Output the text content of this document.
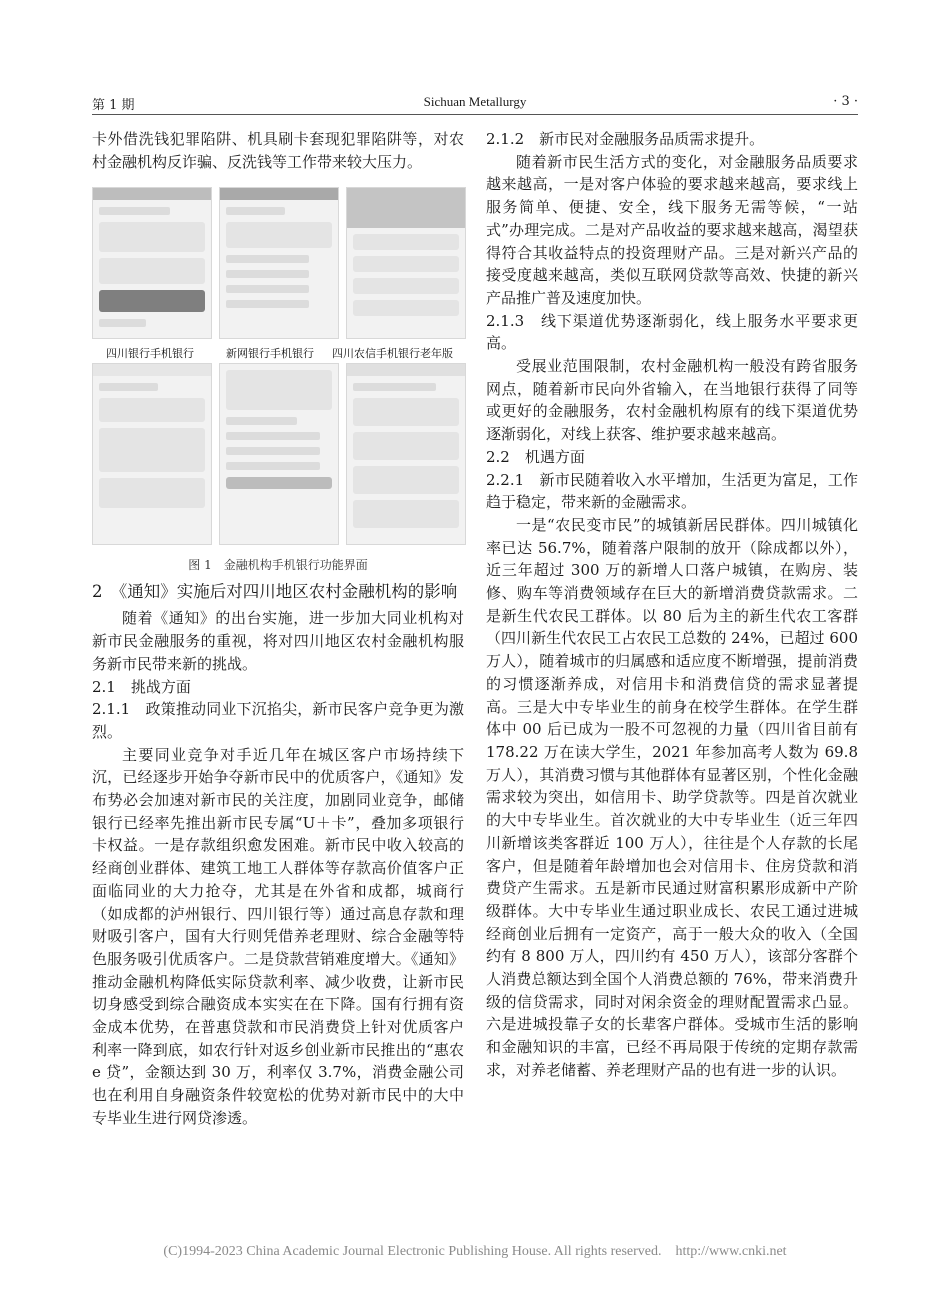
第 1 期	Sichuan Metallurgy	· 3 ·

卡外借洗钱犯罪陷阱、机具刷卡套现犯罪陷阱等，对农村金融机构反诈骗、反洗钱等工作带来较大压力。

四川银行手机银行	新网银行手机银行 四川农信手机银行老年版

图 1　金融机构手机银行功能界面

2　《通知》实施后对四川地区农村金融机构的影响

随着《通知》的出台实施，进一步加大同业机构对新市民金融服务的重视，将对四川地区农村金融机构服务新市民带来新的挑战。

2.1　挑战方面

2.1.1　政策推动同业下沉掐尖，新市民客户竞争更为激烈。

主要同业竞争对手近几年在城区客户市场持续下沉，已经逐步开始争夺新市民中的优质客户，《通知》发布势必会加速对新市民的关注度，加剧同业竞争，邮储银行已经率先推出新市民专属“U＋卡”，叠加多项银行卡权益。一是存款组织愈发困难。新市民中收入较高的经商创业群体、建筑工地工人群体等存款高价值客户正面临同业的大力抢夺，尤其是在外省和成都，城商行（如成都的泸州银行、四川银行等）通过高息存款和理财吸引客户，国有大行则凭借养老理财、综合金融等特色服务吸引优质客户。二是贷款营销难度增大。《通知》推动金融机构降低实际贷款利率、减少收费，让新市民切身感受到综合融资成本实实在在下降。国有行拥有资金成本优势，在普惠贷款和市民消费贷上针对优质客户利率一降到底，如农行针对返乡创业新市民推出的“惠农 e 贷”，金额达到 30 万，利率仅 3.7%，消费金融公司也在利用自身融资条件较宽松的优势对新市民中的大中专毕业生进行网贷渗透。

2.1.2　新市民对金融服务品质需求提升。

随着新市民生活方式的变化，对金融服务品质要求越来越高，一是对客户体验的要求越来越高，要求线上服务简单、便捷、安全，线下服务无需等候，“一站式”办理完成。二是对产品收益的要求越来越高，渴望获得符合其收益特点的投资理财产品。三是对新兴产品的接受度越来越高，类似互联网贷款等高效、快捷的新兴产品推广普及速度加快。

2.1.3　线下渠道优势逐渐弱化，线上服务水平要求更高。

受展业范围限制，农村金融机构一般没有跨省服务网点，随着新市民向外省输入，在当地银行获得了同等或更好的金融服务，农村金融机构原有的线下渠道优势逐渐弱化，对线上获客、维护要求越来越高。

2.2　机遇方面

2.2.1　新市民随着收入水平增加，生活更为富足，工作趋于稳定，带来新的金融需求。

一是“农民变市民”的城镇新居民群体。四川城镇化率已达 56.7%，随着落户限制的放开（除成都以外），近三年超过 300 万的新增人口落户城镇，在购房、装修、购车等消费领域存在巨大的新增消费贷款需求。二是新生代农民工群体。以 80 后为主的新生代农工客群（四川新生代农民工占农民工总数的 24%，已超过 600 万人），随着城市的归属感和适应度不断增强，提前消费的习惯逐渐养成，对信用卡和消费信贷的需求显著提高。三是大中专毕业生的前身在校学生群体。在学生群体中 00 后已成为一股不可忽视的力量（四川省目前有 178.22 万在读大学生，2021 年参加高考人数为 69.8 万人），其消费习惯与其他群体有显著区别，个性化金融需求较为突出，如信用卡、助学贷款等。四是首次就业的大中专毕业生。首次就业的大中专毕业生（近三年四川新增该类客群近 100 万人），往往是个人存款的长尾客户，但是随着年龄增加也会对信用卡、住房贷款和消费贷产生需求。五是新市民通过财富积累形成新中产阶级群体。大中专毕业生通过职业成长、农民工通过进城经商创业后拥有一定资产，高于一般大众的收入（全国约有 8 800 万人，四川约有 450 万人），该部分客群个人消费总额达到全国个人消费总额的 76%，带来消费升级的信贷需求，同时对闲余资金的理财配置需求凸显。六是进城投靠子女的长辈客户群体。受城市生活的影响和金融知识的丰富，已经不再局限于传统的定期存款需求，对养老储蓄、养老理财产品的也有进一步的认识。

(C)1994-2023 China Academic Journal Electronic Publishing House. All rights reserved.　http://www.cnki.net
